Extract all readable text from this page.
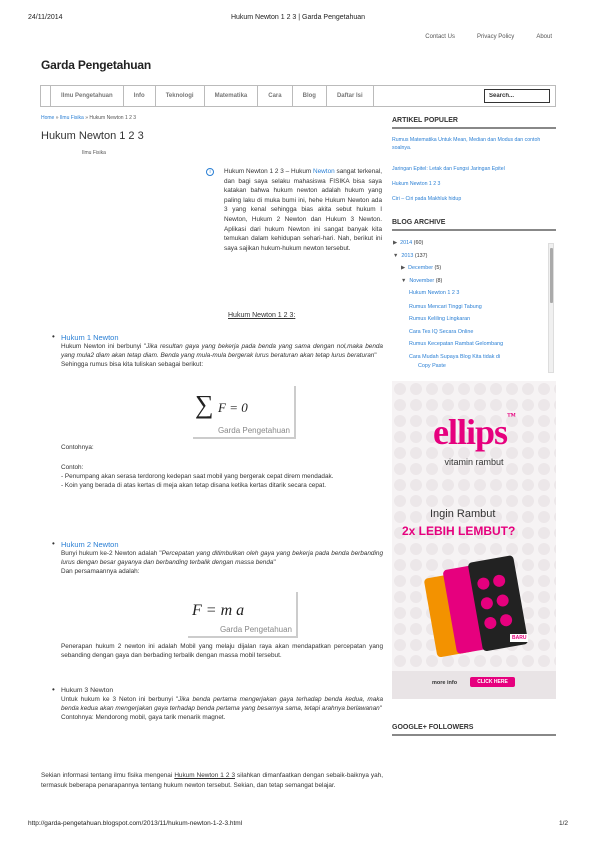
24/11/2014	Hukum Newton 1 2 3 | Garda Pengetahuan
http://garda-pengetahuan.blogspot.com/2013/11/hukum-newton-1-2-3.html	1/2
Contact Us	Privacy Policy	About
Garda Pengetahuan
Ilmu Pengetahuan	Info	Teknologi	Matematika	Cara	Blog	Daftar Isi
Search...
Home » Ilmu Fisika » Hukum Newton 1 2 3
Hukum Newton 1 2 3
Ilmu Fisika
i	Hukum Newton 1 2 3 – Hukum Newton sangat terkenal, dan bagi saya selaku mahasiswa FISIKA bisa saya katakan bahwa hukum newton adalah hukum yang paling laku di muka bumi ini, hehe Hukum Newton ada 3 yang kenal sehingga bias akita sebut hukum I Newton, Hukum 2 Newton dan Hukum 3 Newton. Aplikasi dari hukum Newton ini sangat banyak kita temukan dalam kehidupan sehari-hari. Nah, berikut ini saya sajikan hukum-hukum newton tersebut.
Hukum Newton 1 2 3:
• Hukum 1 Newton
Hukum Newton ini berbunyi "Jika resultan gaya yang bekerja pada benda yang sama dengan nol,maka benda yang mula2 diam akan tetap diam. Benda yang mula-mula bergerak lurus beraturan akan tetap lurus beraturan"
Sehingga rumus bisa kita tuliskan sebagai berikut:
∑ F = 0
Garda Pengetahuan
Contohnya:
Contoh:
- Penumpang akan serasa terdorong kedepan saat mobil yang bergerak cepat direm mendadak.
- Koin yang berada di atas kertas di meja akan tetap disana ketika kertas ditarik secara cepat.
• Hukum 2 Newton
Bunyi hukum ke-2 Newton adalah "Percepatan yang ditimbulkan oleh gaya yang bekerja pada benda berbanding lurus dengan besar gayanya dan berbanding terbalik dengan massa benda"
Dan persamaannya adalah:
F = m a
Garda Pengetahuan
Penerapan hukum 2 newton ini adalah Mobil yang melaju dijalan raya akan mendapatkan percepatan yang sebanding dengan gaya dan berbading terbalik dengan massa mobil tersebut.
• Hukum 3 Newton
Untuk hukum ke 3 Neton ini berbunyi "Jika benda pertama mengerjakan gaya terhadap benda kedua, maka benda kedua akan mengerjakan gaya terhadap benda pertama yang besarnya sama, tetapi arahnya berlawanan"
Contohnya: Mendorong mobil, gaya tarik menarik magnet.
Sekian informasi tentang ilmu fisika mengenai Hukum Newton 1 2 3 silahkan dimanfaatkan dengan sebaik-baiknya yah, termasuk beberapa penarapannya tentang hukum newton tersebut. Sekian, dan tetap semangat belajar.
ARTIKEL POPULER
Rumus Matematika Untuk Mean, Median dan Modus dan contoh soalnya.
Jaringan Epitel: Letak dan Fungsi Jaringan Epitel
Hukum Newton 1 2 3
Ciri – Ciri pada Makhluk hidup
BLOG ARCHIVE
▶ 2014 (60)
▼ 2013 (137)
▶ December (5)
▼ November (8)
Hukum Newton 1 2 3
Rumus Mencari Tinggi Tabung
Rumus Keliling Lingkaran
Cara Tes IQ Secara Online
Rumus Kecepatan Rambat Gelombang
Cara Mudah Supaya Blog Kita tidak di
Copy Paste
ellips™
vitamin rambut
Ingin Rambut
2x LEBIH LEMBUT?
BARU
more info	CLICK HERE
GOOGLE+ FOLLOWERS
